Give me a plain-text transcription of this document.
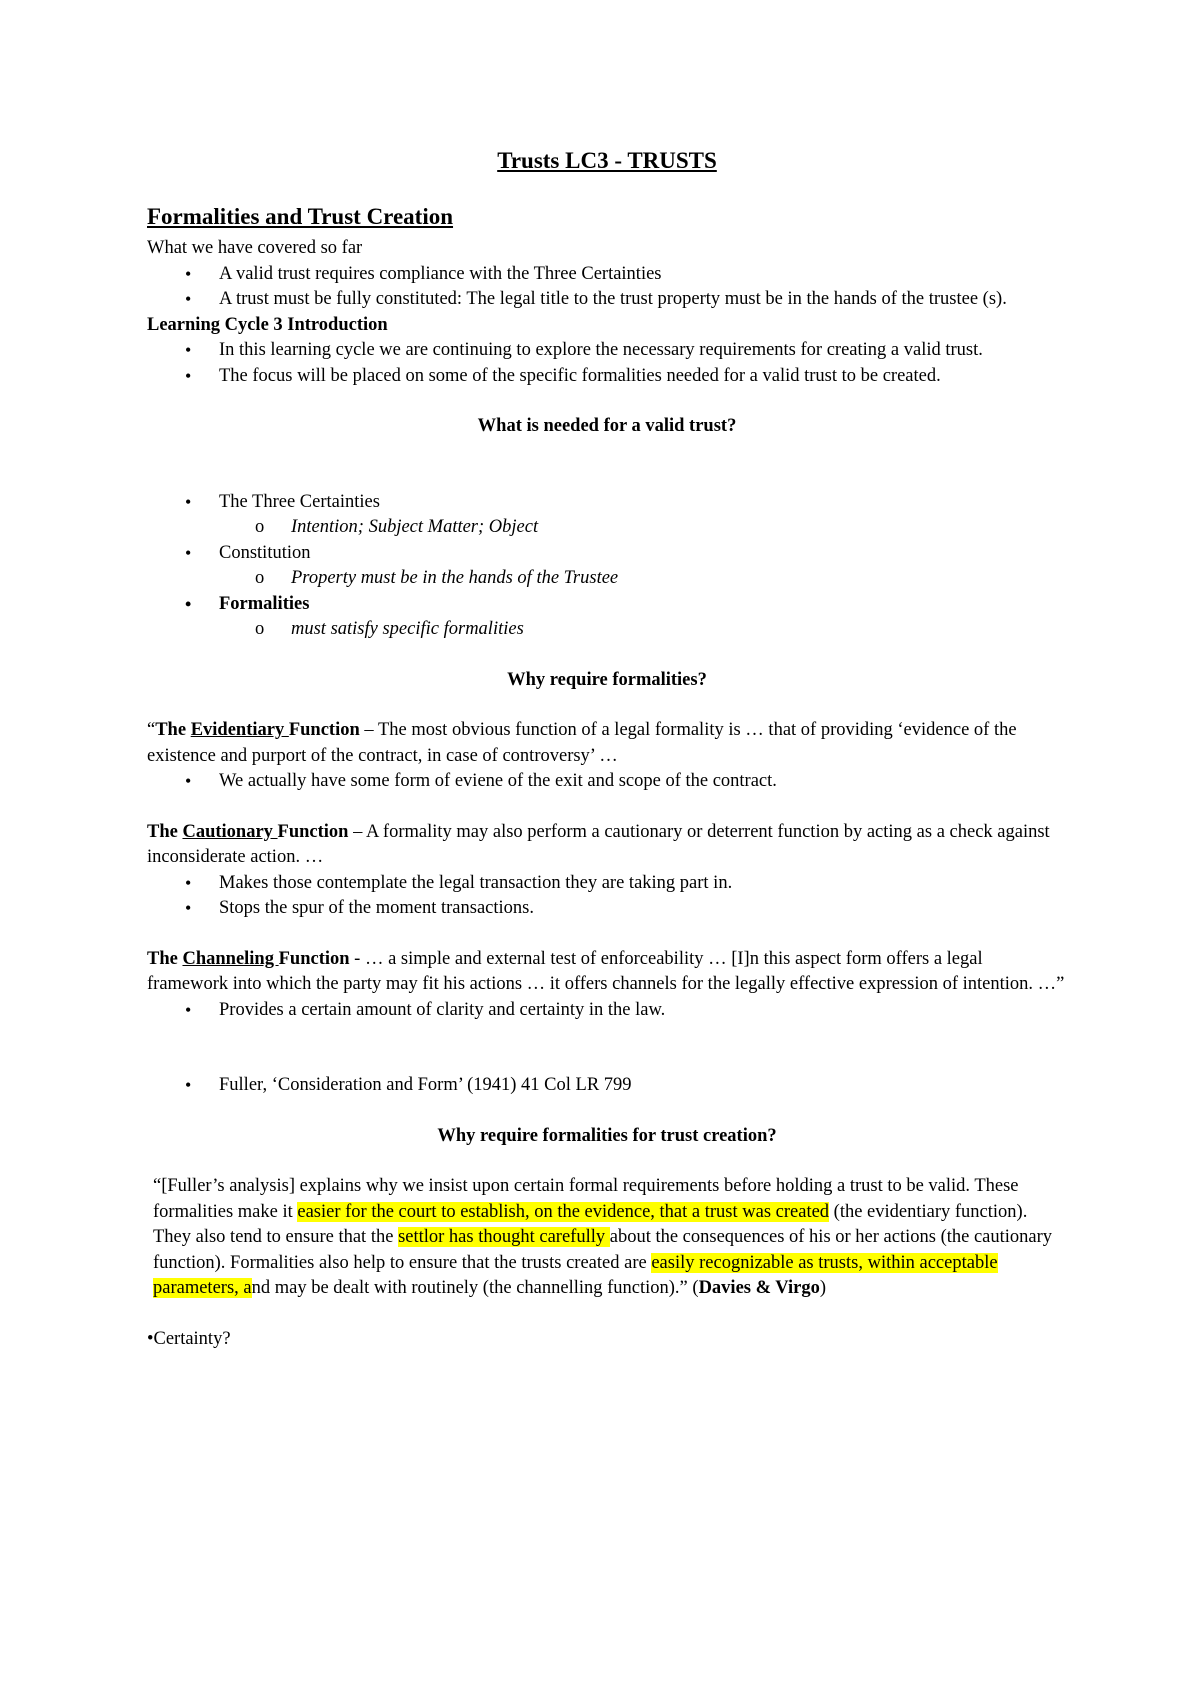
Trusts LC3 - TRUSTS
Formalities and Trust Creation

What we have covered so far

• A valid trust requires compliance with the Three Certainties
• A trust must be fully constituted: The legal title to the trust property must be in the hands of the trustee (s).

Learning Cycle 3 Introduction

• In this learning cycle we are continuing to explore the necessary requirements for creating a valid trust.
• The focus will be placed on some of the specific formalities needed for a valid trust to be created.

What is needed for a valid trust?

• The Three Certainties
o Intention; Subject Matter; Object
• Constitution
o Property must be in the hands of the Trustee
• Formalities
o must satisfy specific formalities

Why require formalities?

“The Evidentiary Function – The most obvious function of a legal formality is … that of providing ‘evidence of the existence and purport of the contract, in case of controversy’ …

• We actually have some form of eviene of the exit and scope of the contract.

The Cautionary Function – A formality may also perform a cautionary or deterrent function by acting as a check against inconsiderate action. …

• Makes those contemplate the legal transaction they are taking part in.
• Stops the spur of the moment transactions.

The Channeling Function - … a simple and external test of enforceability … [I]n this aspect form offers a legal framework into which the party may fit his actions … it offers channels for the legally effective expression of intention. …”

• Provides a certain amount of clarity and certainty in the law.
• Fuller, ‘Consideration and Form’ (1941) 41 Col LR 799

Why require formalities for trust creation?

“[Fuller’s analysis] explains why we insist upon certain formal requirements before holding a trust to be valid. These formalities make it easier for the court to establish, on the evidence, that a trust was created (the evidentiary function). They also tend to ensure that the settlor has thought carefully about the consequences of his or her actions (the cautionary function). Formalities also help to ensure that the trusts created are easily recognizable as trusts, within acceptable parameters, and may be dealt with routinely (the channelling function).” (Davies & Virgo)

•Certainty?
